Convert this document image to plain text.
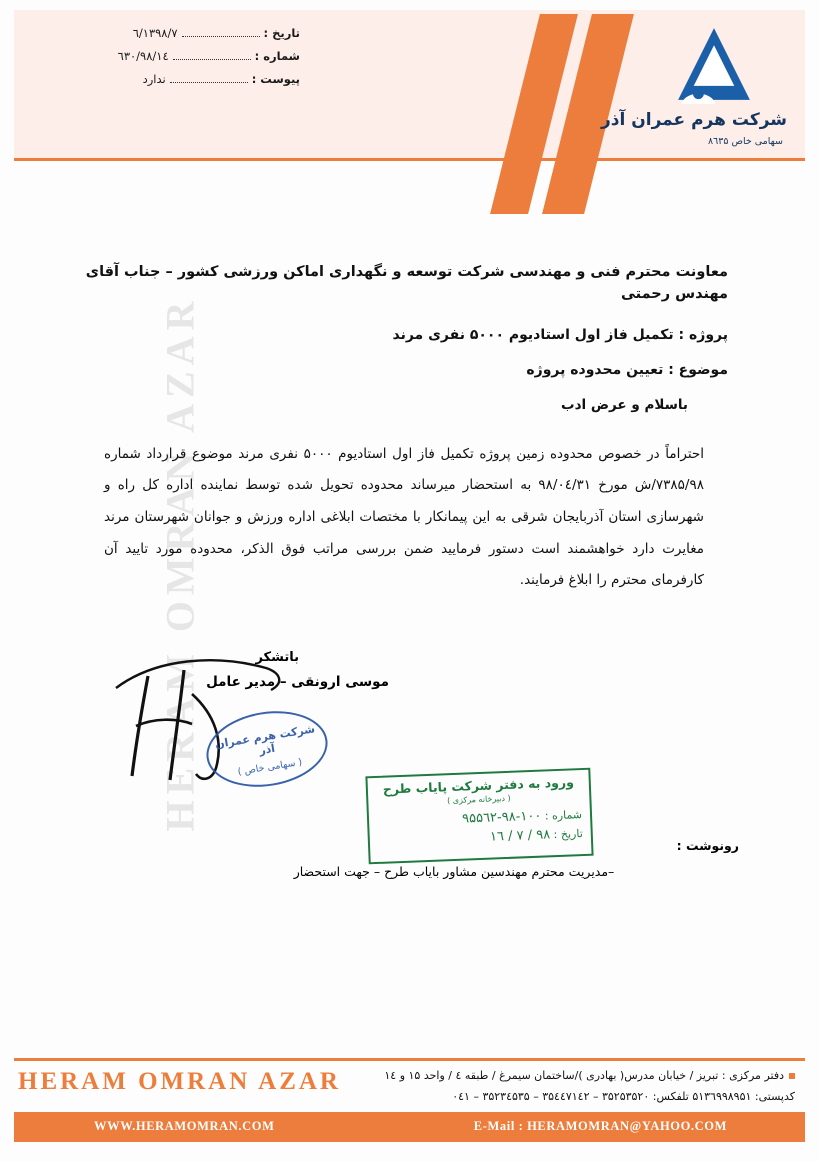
تاریخ :
۱۳۹۸/۷/٦
شماره :
٦۳۰/۹۸/۱٤
پیوست :
ندارد
شرکت هرم عمران آذر
سهامی خاص ٨٦۳۵
HERAM OMRAN AZAR
معاونت محترم فنی و مهندسی شرکت توسعه و نگهداری اماکن ورزشی کشور – جناب آقای مهندس رحمتی
پروژه : تکمیل فاز اول استادیوم ۵۰۰۰ نفری مرند
موضوع : تعیین محدوده پروژه
باسلام و عرض ادب

احتراماً در خصوص محدوده زمین پروژه تکمیل فاز اول استادیوم ۵۰۰۰ نفری مرند موضوع قرارداد شماره ۷۳۸۵/۹۸/ش مورخ ۹۸/۰٤/۳۱ به استحضار میرساند محدوده تحویل شده توسط نماینده اداره کل راه و شهرسازی استان آذربایجان شرقی به این پیمانکار با مختصات ابلاغی اداره ورزش و جوانان شهرستان مرند مغایرت دارد خواهشمند است دستور فرمایید ضمن بررسی مراتب فوق الذکر، محدوده مورد تایید آن کارفرمای محترم را ابلاغ فرمایند.

باتشکر
موسی ارونقی – مدیر عامل
شرکت هرم عمران آذر
( سهامی خاص )
ورود به دفتر شرکت پایاب طرح
( دبیرخانه مرکزی )
شماره : ۱۰۰-۹۸-۹۵۵٦۲
تاریخ : ۹۸ / ۷ / ۱٦
رونوشت :
–مدیریت محترم مهندسین مشاور بایاب طرح – جهت استحضار
HERAM OMRAN AZAR	دفتر مرکزی : تبریز / خیابان مدرس( بهادری )/ساختمان سیمرغ / طبقه ٤ / واحد ۱۵ و ۱٤
کدپستی: ۵۱۳٦۹۹۸۹۵۱ تلفکس: ۳۵۲۵۳۵۲۰ – ۳۵٤٤۷۱٤۲ – ۳۵۲۳٤۵۳۵ – ۰٤۱
WWW.HERAMOMRAN.COM	E-Mail : HERAMOMRAN@YAHOO.COM
